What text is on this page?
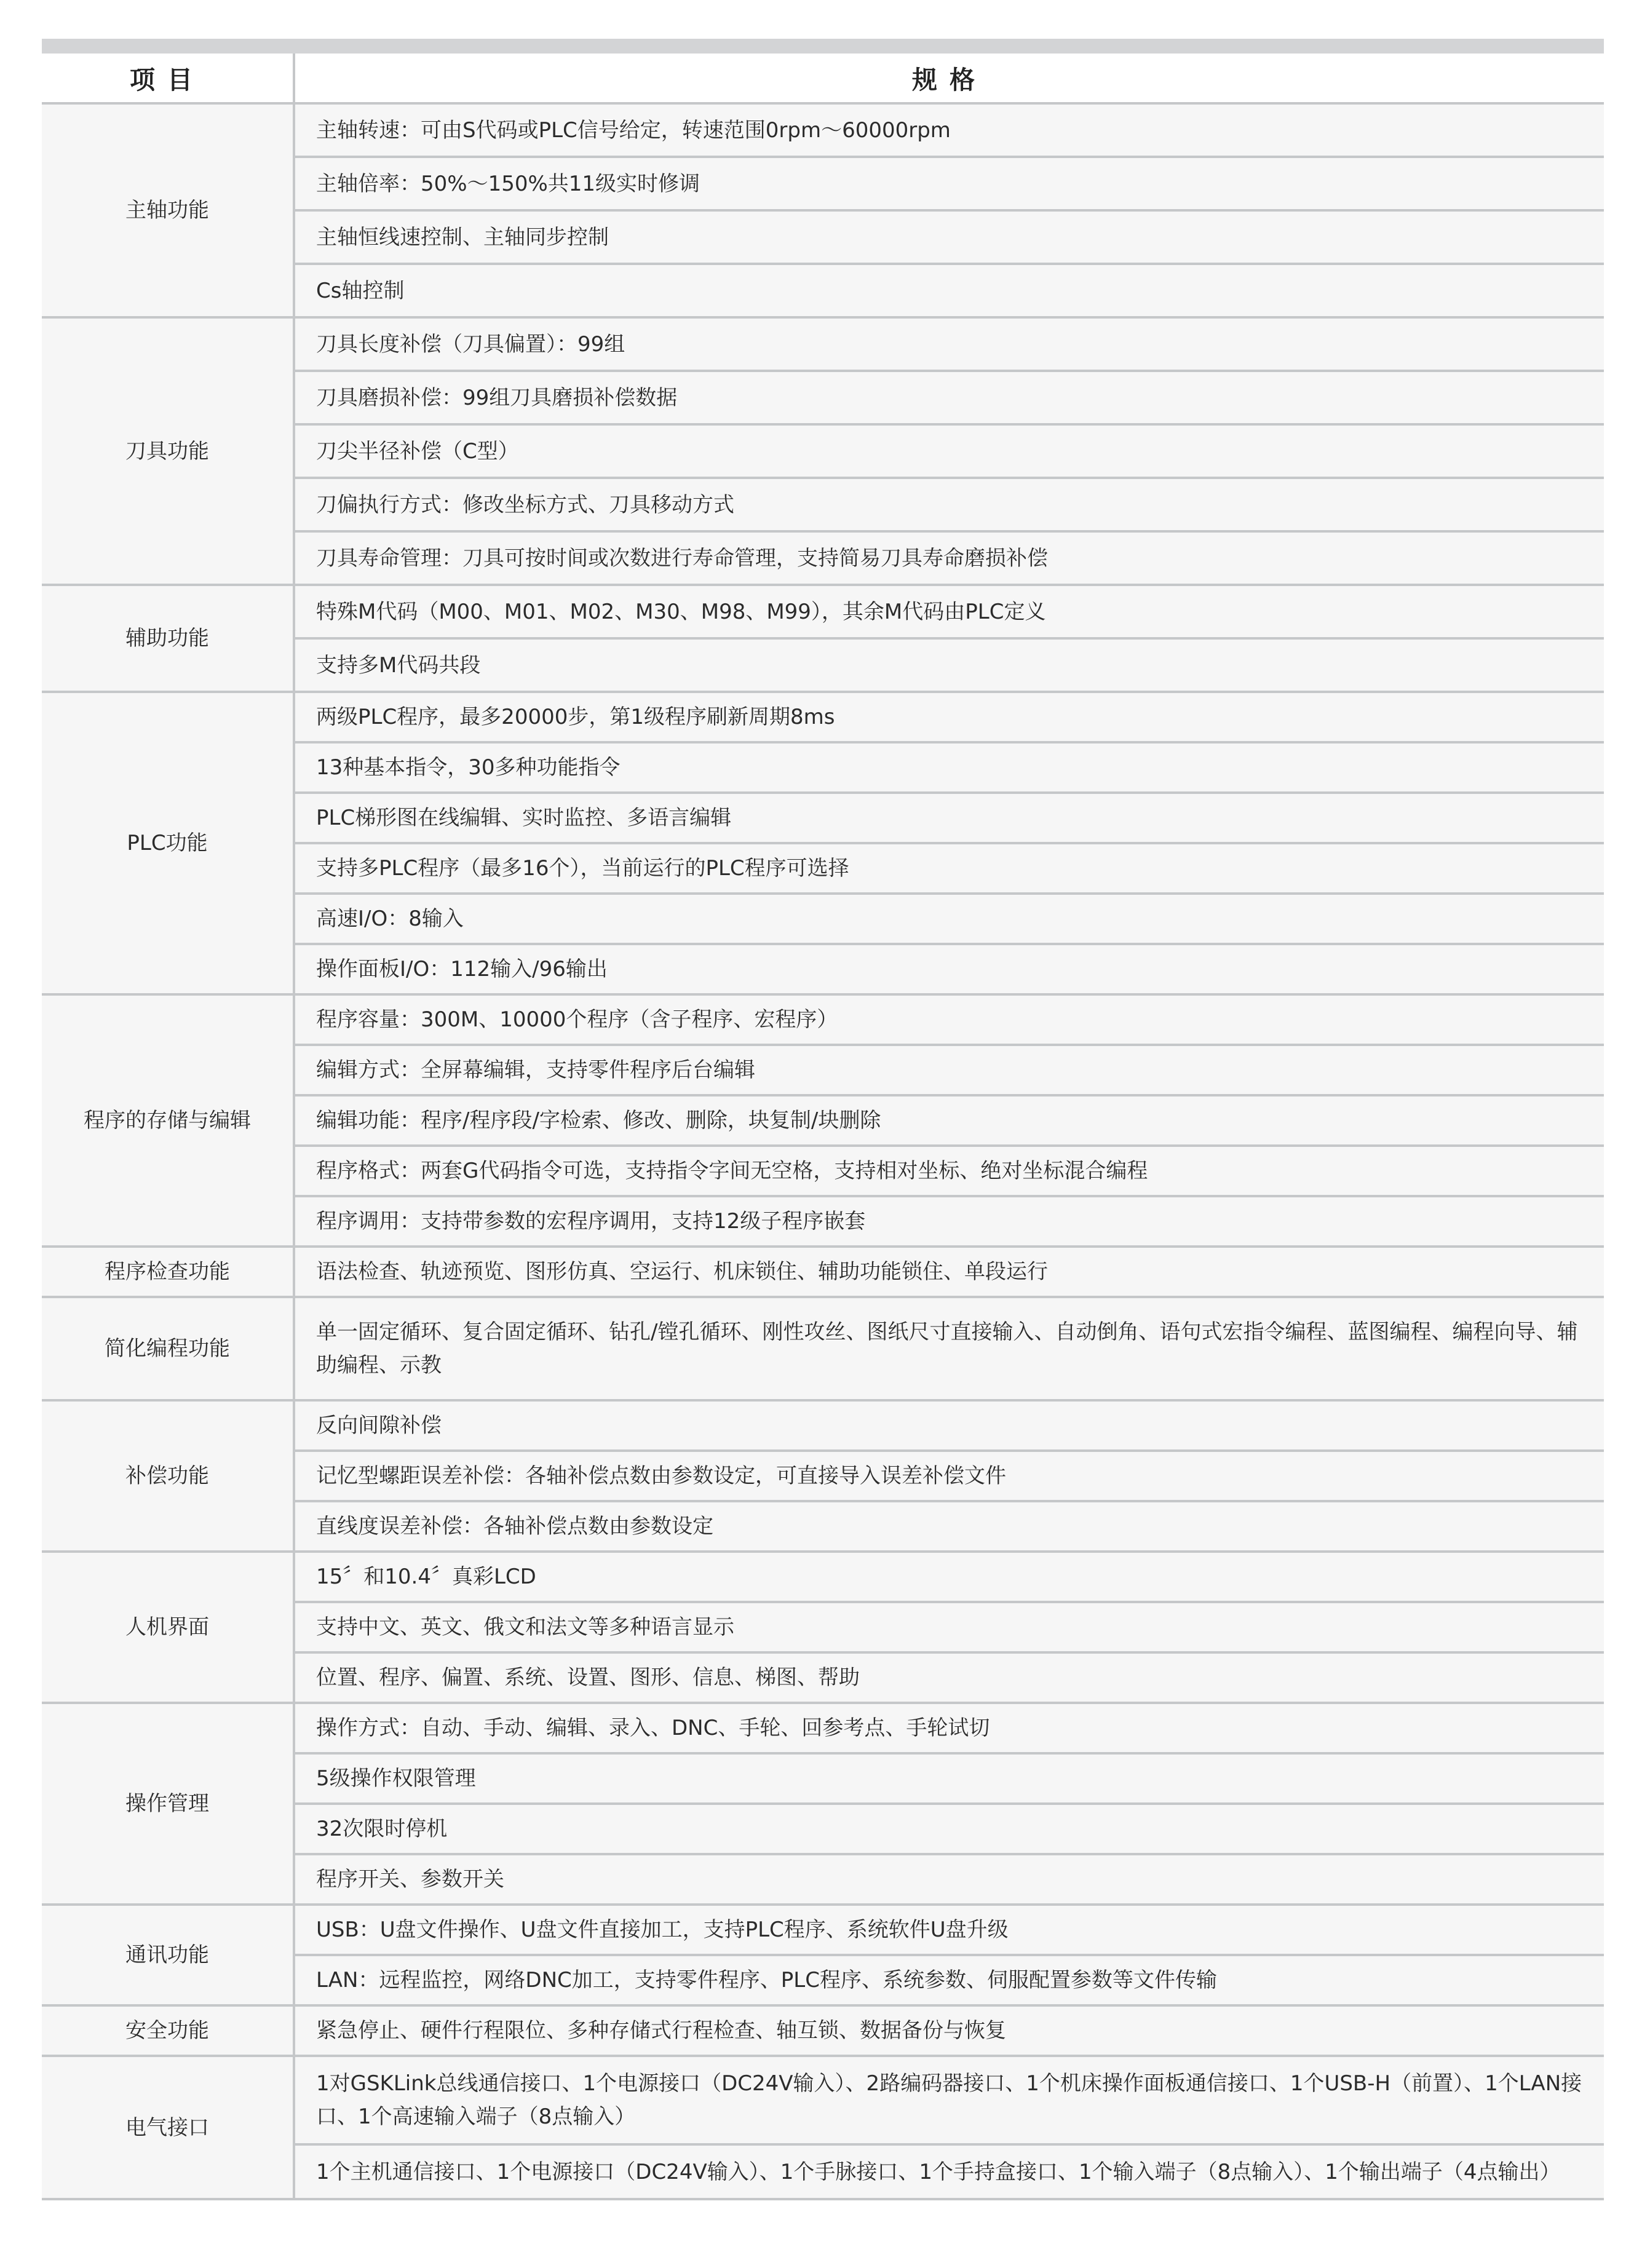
项目	规格
主轴功能	主轴转速：可由S代码或PLC信号给定，转速范围0rpm～60000rpm
	主轴倍率：50%～150%共11级实时修调
	主轴恒线速控制、主轴同步控制
	Cs轴控制
刀具功能	刀具长度补偿（刀具偏置）：99组
	刀具磨损补偿：99组刀具磨损补偿数据
	刀尖半径补偿（C型）
	刀偏执行方式：修改坐标方式、刀具移动方式
	刀具寿命管理：刀具可按时间或次数进行寿命管理，支持简易刀具寿命磨损补偿
辅助功能	特殊M代码（M00、M01、M02、M30、M98、M99），其余M代码由PLC定义
	支持多M代码共段
PLC功能	两级PLC程序，最多20000步，第1级程序刷新周期8ms
	13种基本指令，30多种功能指令
	PLC梯形图在线编辑、实时监控、多语言编辑
	支持多PLC程序（最多16个），当前运行的PLC程序可选择
	高速I/O：8输入
	操作面板I/O：112输入/96输出
程序的存储与编辑	程序容量：300M、10000个程序（含子程序、宏程序）
	编辑方式：全屏幕编辑，支持零件程序后台编辑
	编辑功能：程序/程序段/字检索、修改、删除，块复制/块删除
	程序格式：两套G代码指令可选，支持指令字间无空格，支持相对坐标、绝对坐标混合编程
	程序调用：支持带参数的宏程序调用，支持12级子程序嵌套
程序检查功能	语法检查、轨迹预览、图形仿真、空运行、机床锁住、辅助功能锁住、单段运行
简化编程功能	单一固定循环、复合固定循环、钻孔/镗孔循环、刚性攻丝、图纸尺寸直接输入、自动倒角、语句式宏指令编程、蓝图编程、编程向导、辅助编程、示教
补偿功能	反向间隙补偿
	记忆型螺距误差补偿：各轴补偿点数由参数设定，可直接导入误差补偿文件
	直线度误差补偿：各轴补偿点数由参数设定
人机界面	15〞和10.4〞真彩LCD
	支持中文、英文、俄文和法文等多种语言显示
	位置、程序、偏置、系统、设置、图形、信息、梯图、帮助
操作管理	操作方式：自动、手动、编辑、录入、DNC、手轮、回参考点、手轮试切
	5级操作权限管理
	32次限时停机
	程序开关、参数开关
通讯功能	USB：U盘文件操作、U盘文件直接加工，支持PLC程序、系统软件U盘升级
	LAN：远程监控，网络DNC加工，支持零件程序、PLC程序、系统参数、伺服配置参数等文件传输
安全功能	紧急停止、硬件行程限位、多种存储式行程检查、轴互锁、数据备份与恢复
电气接口	1对GSKLink总线通信接口、1个电源接口（DC24V输入）、2路编码器接口、1个机床操作面板通信接口、1个USB-H（前置）、1个LAN接口、1个高速输入端子（8点输入）
	1个主机通信接口、1个电源接口（DC24V输入）、1个手脉接口、1个手持盒接口、1个输入端子（8点输入）、1个输出端子（4点输出）
